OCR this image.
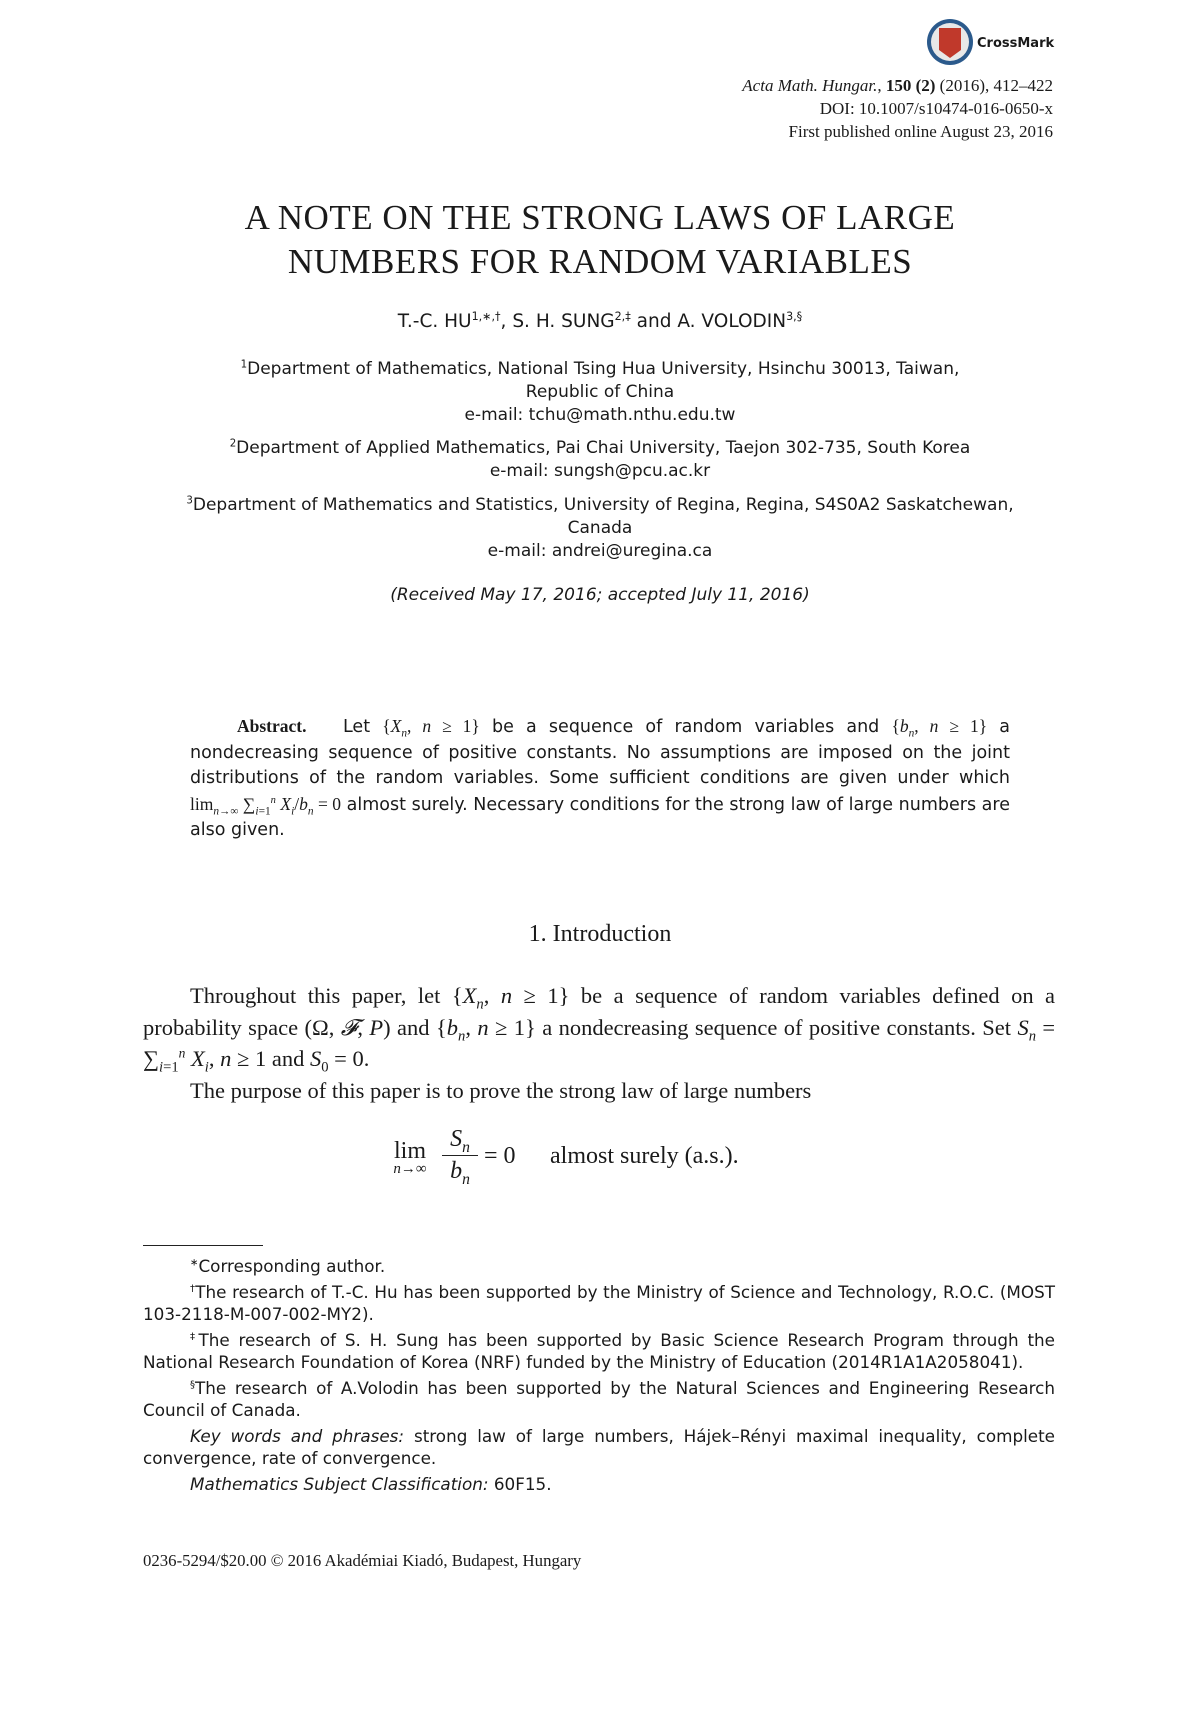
CrossMark
Acta Math. Hungar., 150 (2) (2016), 412–422
DOI: 10.1007/s10474-016-0650-x
First published online August 23, 2016
A NOTE ON THE STRONG LAWS OF LARGE
NUMBERS FOR RANDOM VARIABLES
T.-C. $HU^{1,∗,\dagger}$, S. H. $SUNG^{2,\ddagger}$ and A. $VOLODIN^{3,\S}$
$^1$Department of Mathematics, National Tsing Hua University, Hsinchu 30013, Taiwan,
Republic of China
e-mail: tchu@math.nthu.edu.tw
$^2$Department of Applied Mathematics, Pai Chai University, Taejon 302-735, South Korea
e-mail: sungsh@pcu.ac.kr
$^3$Department of Mathematics and Statistics, University of Regina, Regina, S4S0A2 Saskatchewan,
Canada
e-mail: andrei@uregina.ca
(Received May 17, 2016; accepted July 11, 2016)
Abstract. Let {$X_n$, n ≥ 1} be a sequence of random variables and {$b_n$, n ≥ 1} a nondecreasing sequence of positive constants. No assumptions are imposed on the joint distributions of the random variables. Some sufficient conditions are given under which $\lim_{n\to\infty} \sum_{i=1}^n$ $X_i/b_n = 0$ almost surely. Necessary conditions for the strong law of large numbers are also given.
1. Introduction

Throughout this paper, let {$X_n$, n ≥ 1} be a sequence of random variables defined on a probability space (Ω, 𝓕, P) and {$b_n$, n ≥ 1} a nondecreasing sequence of positive constants. Set $S_n = \sum_{i=1}^n$ $X_i$, n ≥ 1 and $S_0 = 0$.

The purpose of this paper is to prove the strong law of large numbers

lim
n→∞
$S_n$
$b_n$
= 0 almost surely (a.s.).

∗Corresponding author.

†The research of T.-C. Hu has been supported by the Ministry of Science and Technology, R.O.C. (MOST 103-2118-M-007-002-MY2).

‡The research of S. H. Sung has been supported by Basic Science Research Program through the National Research Foundation of Korea (NRF) funded by the Ministry of Education (2014R1A1A2058041).

§The research of A.Volodin has been supported by the Natural Sciences and Engineering Research Council of Canada.

Key words and phrases: strong law of large numbers, Hájek–Rényi maximal inequality, complete convergence, rate of convergence.

Mathematics Subject Classification: 60F15.

0236-5294/$20.00 © 2016 Akadémiai Kiadó, Budapest, Hungary
